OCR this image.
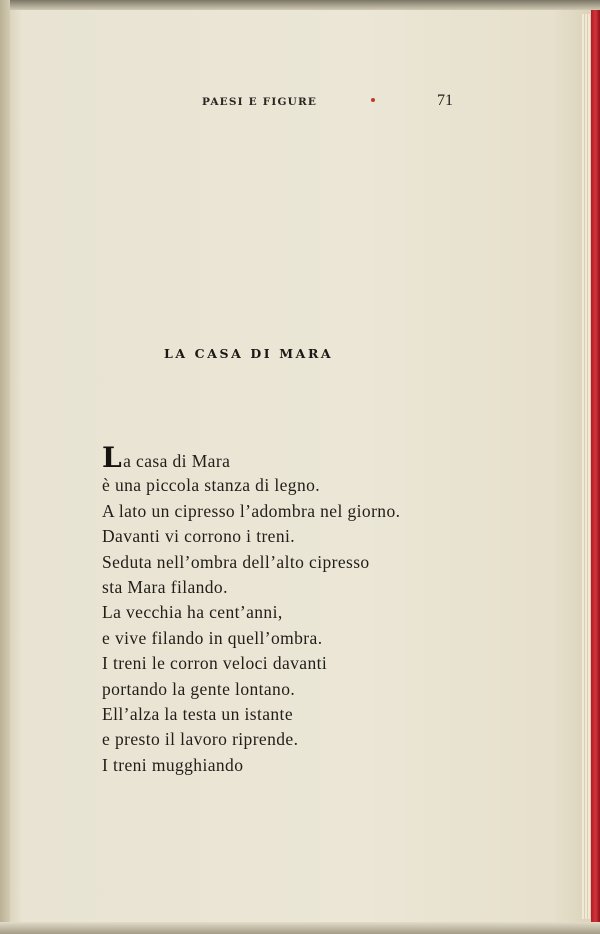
PAESI E FIGURE	71
LA CASA DI MARA
La casa di Mara
è una piccola stanza di legno.
A lato un cipresso l’adombra nel giorno.
Davanti vi corrono i treni.
Seduta nell’ombra dell’alto cipresso
sta Mara filando.
La vecchia ha cent’anni,
e vive filando in quell’ombra.
I treni le corron veloci davanti
portando la gente lontano.
Ell’alza la testa un istante
e presto il lavoro riprende.
I treni mugghiando
